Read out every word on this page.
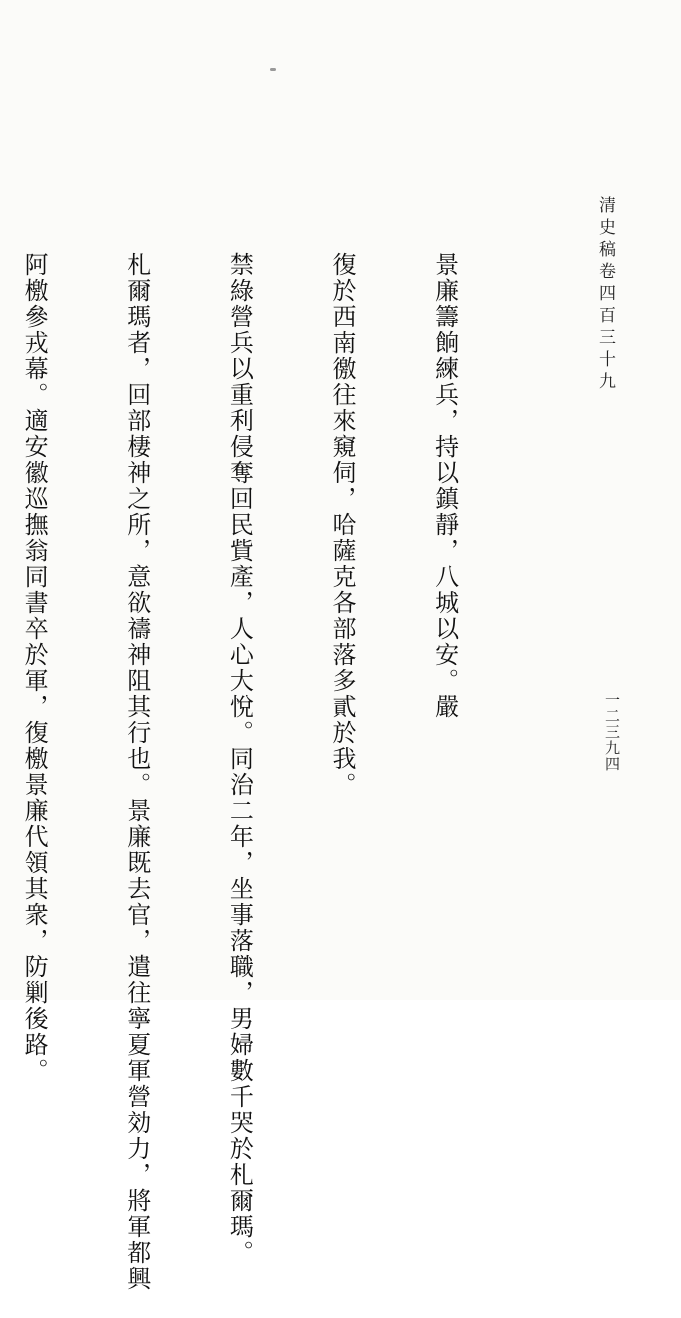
清史稿卷四百三十九
一二三九四

景廉籌餉練兵，持以鎮靜，八城以安。嚴

復於西南徼往來窺伺，哈薩克各部落多貳於我。

禁綠營兵以重利侵奪回民貲產，人心大悅。同治二年，坐事落職，男婦數千哭於札爾瑪。

札爾瑪者，回部棲神之所，意欲禱神阻其行也。景廉既去官，遣往寧夏軍營効力，將軍都興

阿檄參戎幕。適安徽巡撫翁同書卒於軍，復檄景廉代領其衆，防剿後路。
